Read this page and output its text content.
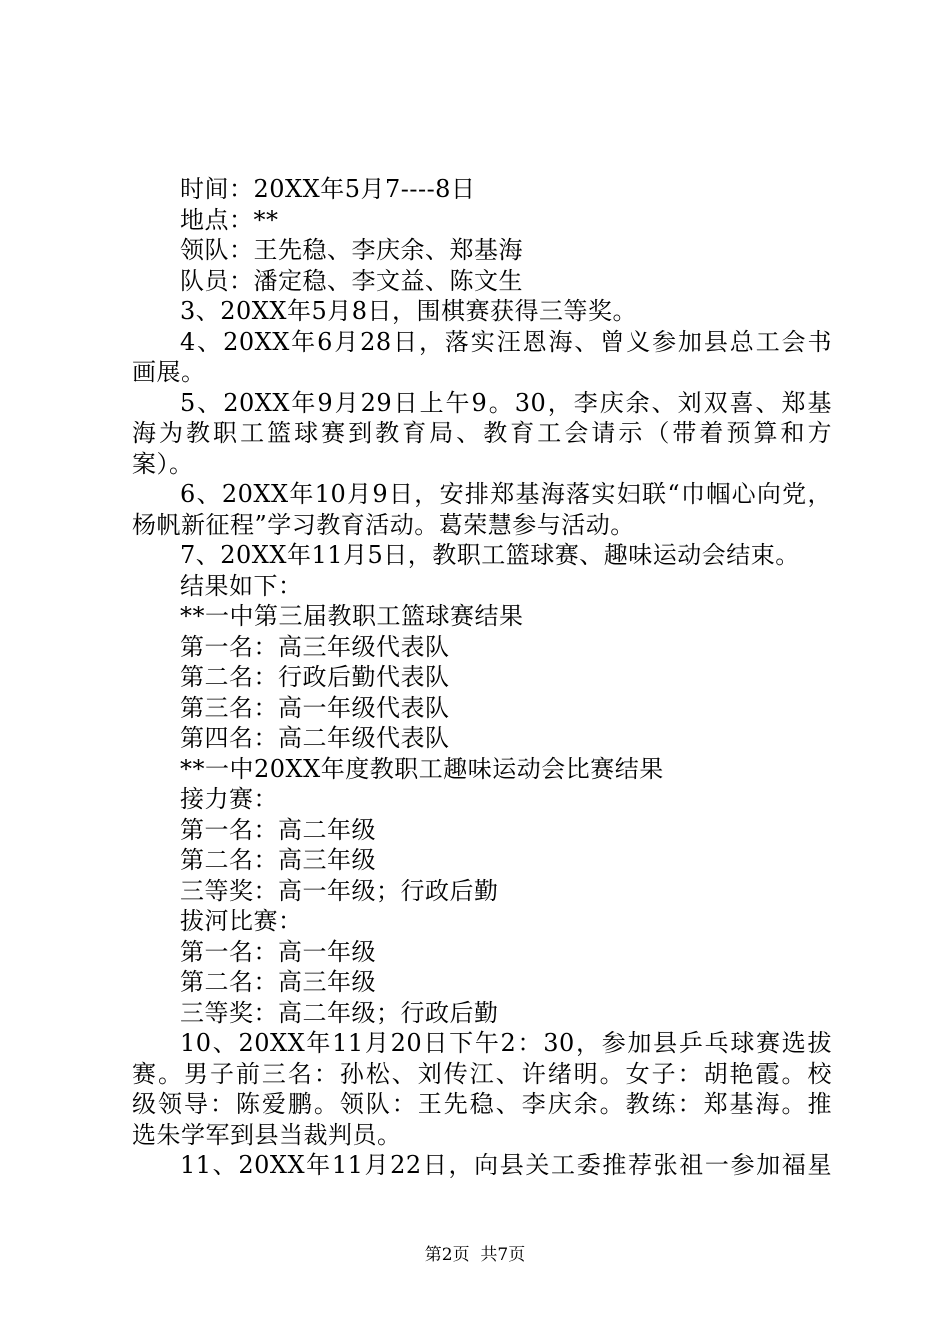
时间：20XX年5月7----8日
地点：**
领队：王先稳、李庆余、郑基海
队员：潘定稳、李文益、陈文生
3、20XX年5月8日，围棋赛获得三等奖。
4、20XX年6月28日，落实汪恩海、曾义参加县总工会书
画展。
5、20XX年9月29日上午9。30，李庆余、刘双喜、郑基
海为教职工篮球赛到教育局、教育工会请示（带着预算和方
案）。
6、20XX年10月9日，安排郑基海落实妇联“巾帼心向党，
杨帆新征程”学习教育活动。葛荣慧参与活动。
7、20XX年11月5日，教职工篮球赛、趣味运动会结束。
结果如下：
**一中第三届教职工篮球赛结果
第一名：高三年级代表队
第二名：行政后勤代表队
第三名：高一年级代表队
第四名：高二年级代表队
**一中20XX年度教职工趣味运动会比赛结果
接力赛：
第一名：高二年级
第二名：高三年级
三等奖：高一年级；行政后勤
拔河比赛：
第一名：高一年级
第二名：高三年级
三等奖：高二年级；行政后勤
10、20XX年11月20日下午2：30，参加县乒乓球赛选拔
赛。男子前三名：孙松、刘传江、许绪明。女子：胡艳霞。校
级领导：陈爱鹏。领队：王先稳、李庆余。教练：郑基海。推
选朱学军到县当裁判员。
11、20XX年11月22日，向县关工委推荐张祖一参加福星
第2页  共7页
